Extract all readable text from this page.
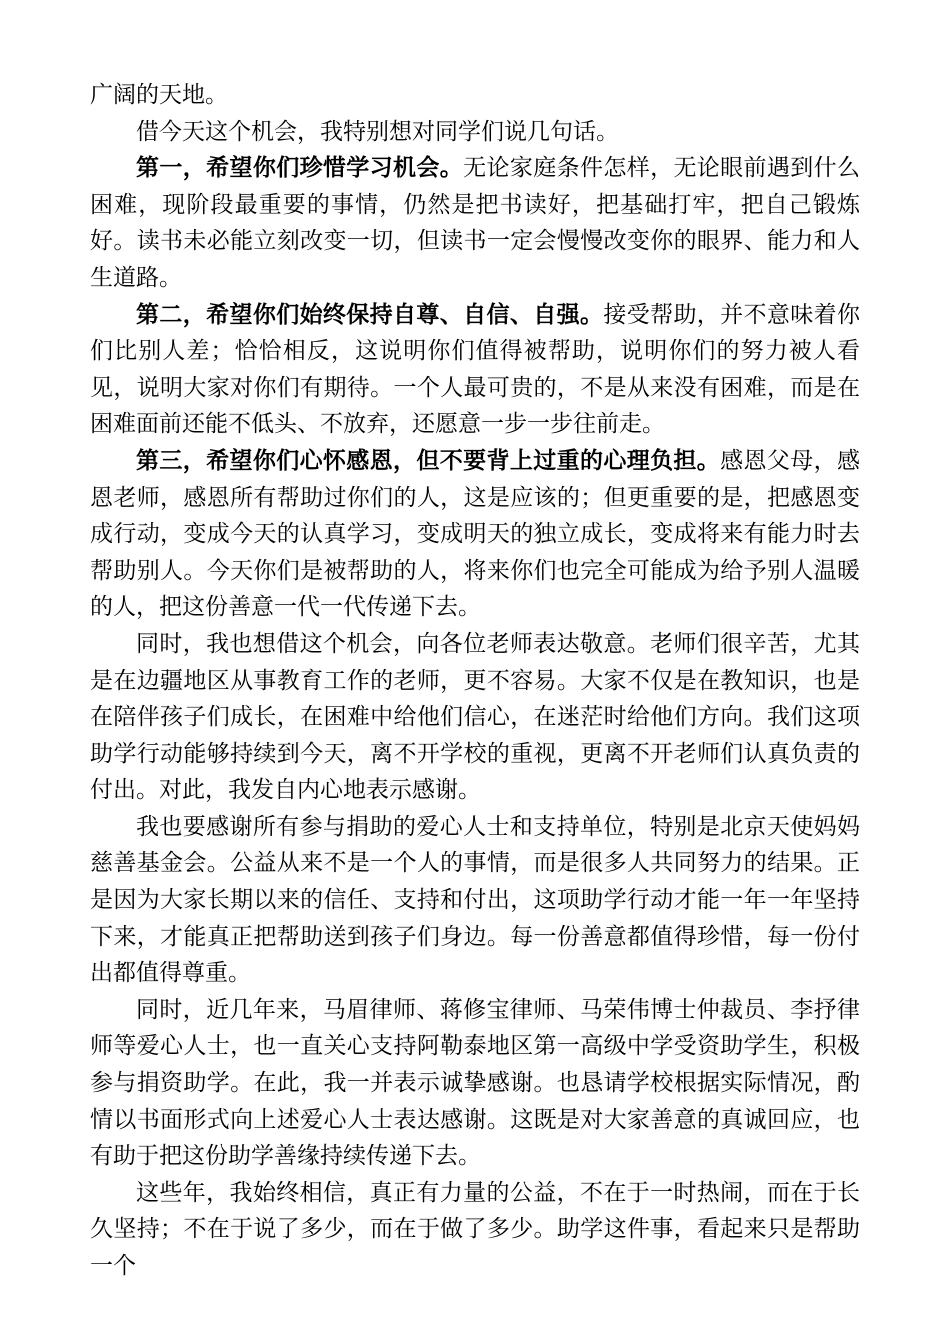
广阔的天地。

借今天这个机会，我特别想对同学们说几句话。

第一，希望你们珍惜学习机会。无论家庭条件怎样，无论眼前遇到什么困难，现阶段最重要的事情，仍然是把书读好，把基础打牢，把自己锻炼好。读书未必能立刻改变一切，但读书一定会慢慢改变你的眼界、能力和人生道路。

第二，希望你们始终保持自尊、自信、自强。接受帮助，并不意味着你们比别人差；恰恰相反，这说明你们值得被帮助，说明你们的努力被人看见，说明大家对你们有期待。一个人最可贵的，不是从来没有困难，而是在困难面前还能不低头、不放弃，还愿意一步一步往前走。

第三，希望你们心怀感恩，但不要背上过重的心理负担。感恩父母，感恩老师，感恩所有帮助过你们的人，这是应该的；但更重要的是，把感恩变成行动，变成今天的认真学习，变成明天的独立成长，变成将来有能力时去帮助别人。今天你们是被帮助的人，将来你们也完全可能成为给予别人温暖的人，把这份善意一代一代传递下去。

同时，我也想借这个机会，向各位老师表达敬意。老师们很辛苦，尤其是在边疆地区从事教育工作的老师，更不容易。大家不仅是在教知识，也是在陪伴孩子们成长，在困难中给他们信心，在迷茫时给他们方向。我们这项助学行动能够持续到今天，离不开学校的重视，更离不开老师们认真负责的付出。对此，我发自内心地表示感谢。

我也要感谢所有参与捐助的爱心人士和支持单位，特别是北京天使妈妈慈善基金会。公益从来不是一个人的事情，而是很多人共同努力的结果。正是因为大家长期以来的信任、支持和付出，这项助学行动才能一年一年坚持下来，才能真正把帮助送到孩子们身边。每一份善意都值得珍惜，每一份付出都值得尊重。

同时，近几年来，马眉律师、蒋修宝律师、马荣伟博士仲裁员、李抒律师等爱心人士，也一直关心支持阿勒泰地区第一高级中学受资助学生，积极参与捐资助学。在此，我一并表示诚挚感谢。也恳请学校根据实际情况，酌情以书面形式向上述爱心人士表达感谢。这既是对大家善意的真诚回应，也有助于把这份助学善缘持续传递下去。

这些年，我始终相信，真正有力量的公益，不在于一时热闹，而在于长久坚持；不在于说了多少，而在于做了多少。助学这件事，看起来只是帮助一个
